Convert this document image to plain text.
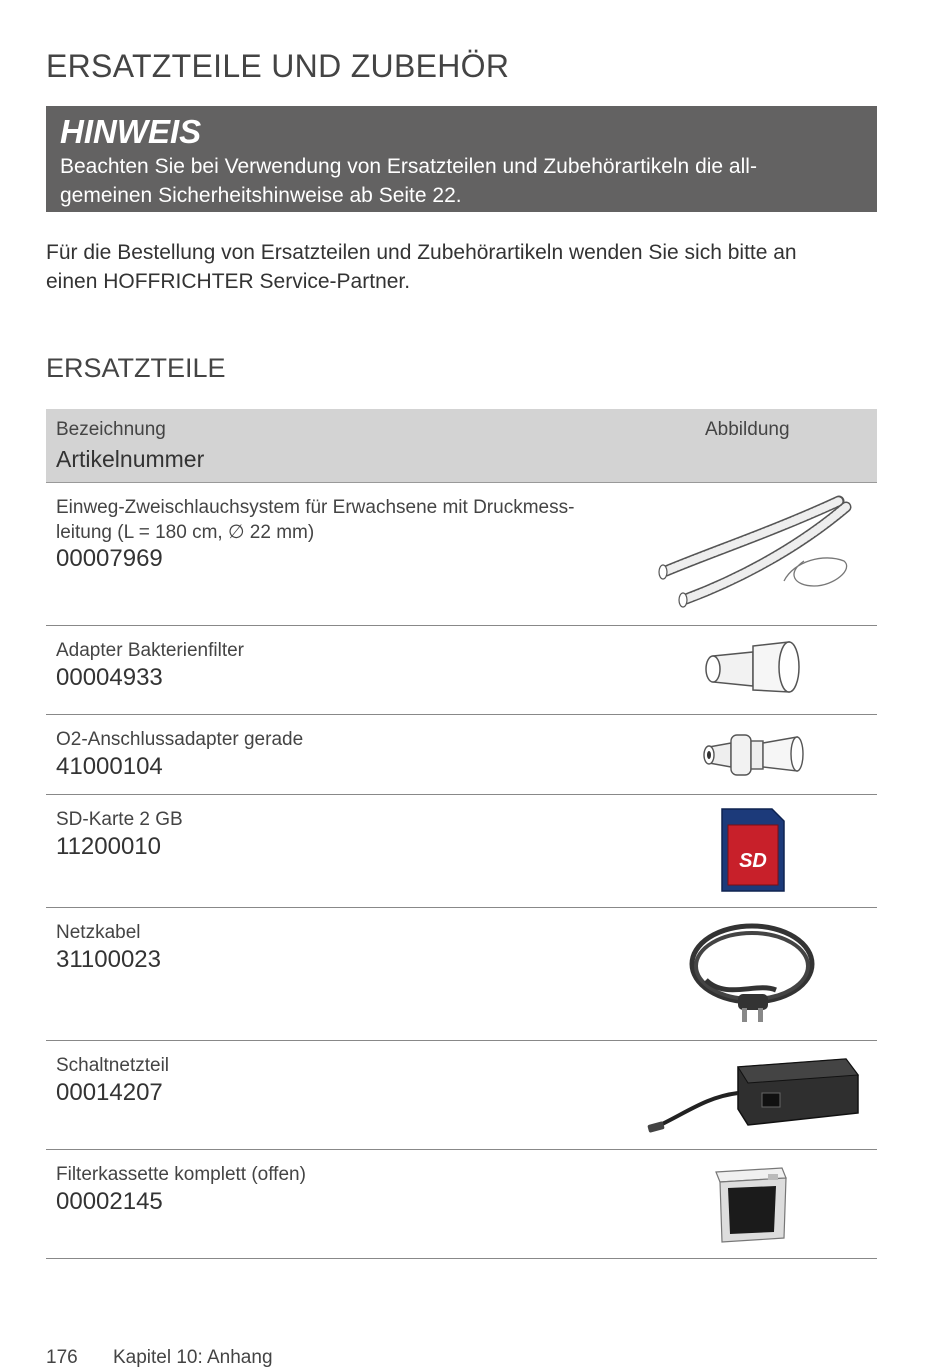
ERSATZTEILE UND ZUBEHÖR
HINWEIS
Beachten Sie bei Verwendung von Ersatzteilen und Zubehörartikeln die all-
gemeinen Sicherheitshinweise ab Seite 22.

Für die Bestellung von Ersatzteilen und Zubehörartikeln wenden Sie sich bitte an
einen HOFFRICHTER Service-Partner.

ERSATZTEILE
Bezeichnung
Artikelnummer
Abbildung
Einweg-Zweischlauchsystem für Erwachsene mit Druckmess-
leitung (L = 180 cm, ∅ 22 mm)
00007969
Adapter Bakterienfilter
00004933
O2-Anschlussadapter gerade
41000104
SD-Karte 2 GB
11200010
SD
Netzkabel
31100023
Schaltnetzteil
00014207
Filterkassette komplett (offen)
00002145
176 Kapitel 10: Anhang
